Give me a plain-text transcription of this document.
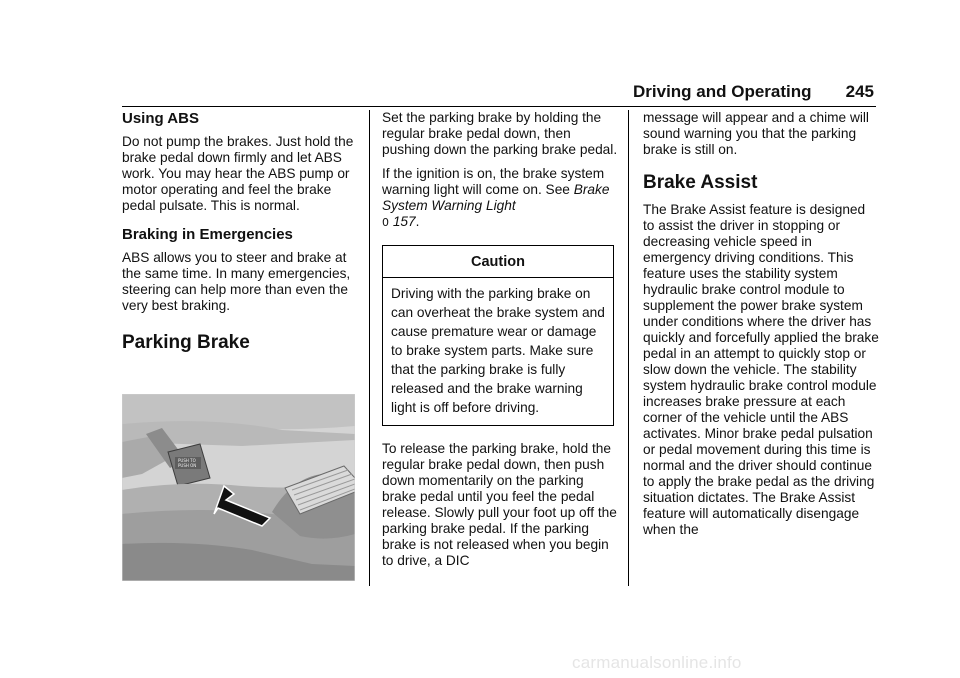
Driving and Operating 245
Using ABS

Do not pump the brakes. Just hold the brake pedal down firmly and let ABS work. You may hear the ABS pump or motor operating and feel the brake pedal pulsate. This is normal.

Braking in Emergencies

ABS allows you to steer and brake at the same time. In many emergencies, steering can help more than even the very best braking.

Parking Brake
PUSH TO
PUSH ON

Set the parking brake by holding the regular brake pedal down, then pushing down the parking brake pedal.

If the ignition is on, the brake system warning light will come on. See Brake System Warning Light
0 157.

Caution
Driving with the parking brake on can overheat the brake system and cause premature wear or damage to brake system parts. Make sure that the parking brake is fully released and the brake warning light is off before driving.

To release the parking brake, hold the regular brake pedal down, then push down momentarily on the parking brake pedal until you feel the pedal release. Slowly pull your foot up off the parking brake pedal. If the parking brake is not released when you begin to drive, a DIC

message will appear and a chime will sound warning you that the parking brake is still on.

Brake Assist

The Brake Assist feature is designed to assist the driver in stopping or decreasing vehicle speed in emergency driving conditions. This feature uses the stability system hydraulic brake control module to supplement the power brake system under conditions where the driver has quickly and forcefully applied the brake pedal in an attempt to quickly stop or slow down the vehicle. The stability system hydraulic brake control module increases brake pressure at each corner of the vehicle until the ABS activates. Minor brake pedal pulsation or pedal movement during this time is normal and the driver should continue to apply the brake pedal as the driving situation dictates. The Brake Assist feature will automatically disengage when the

carmanualsonline.info
